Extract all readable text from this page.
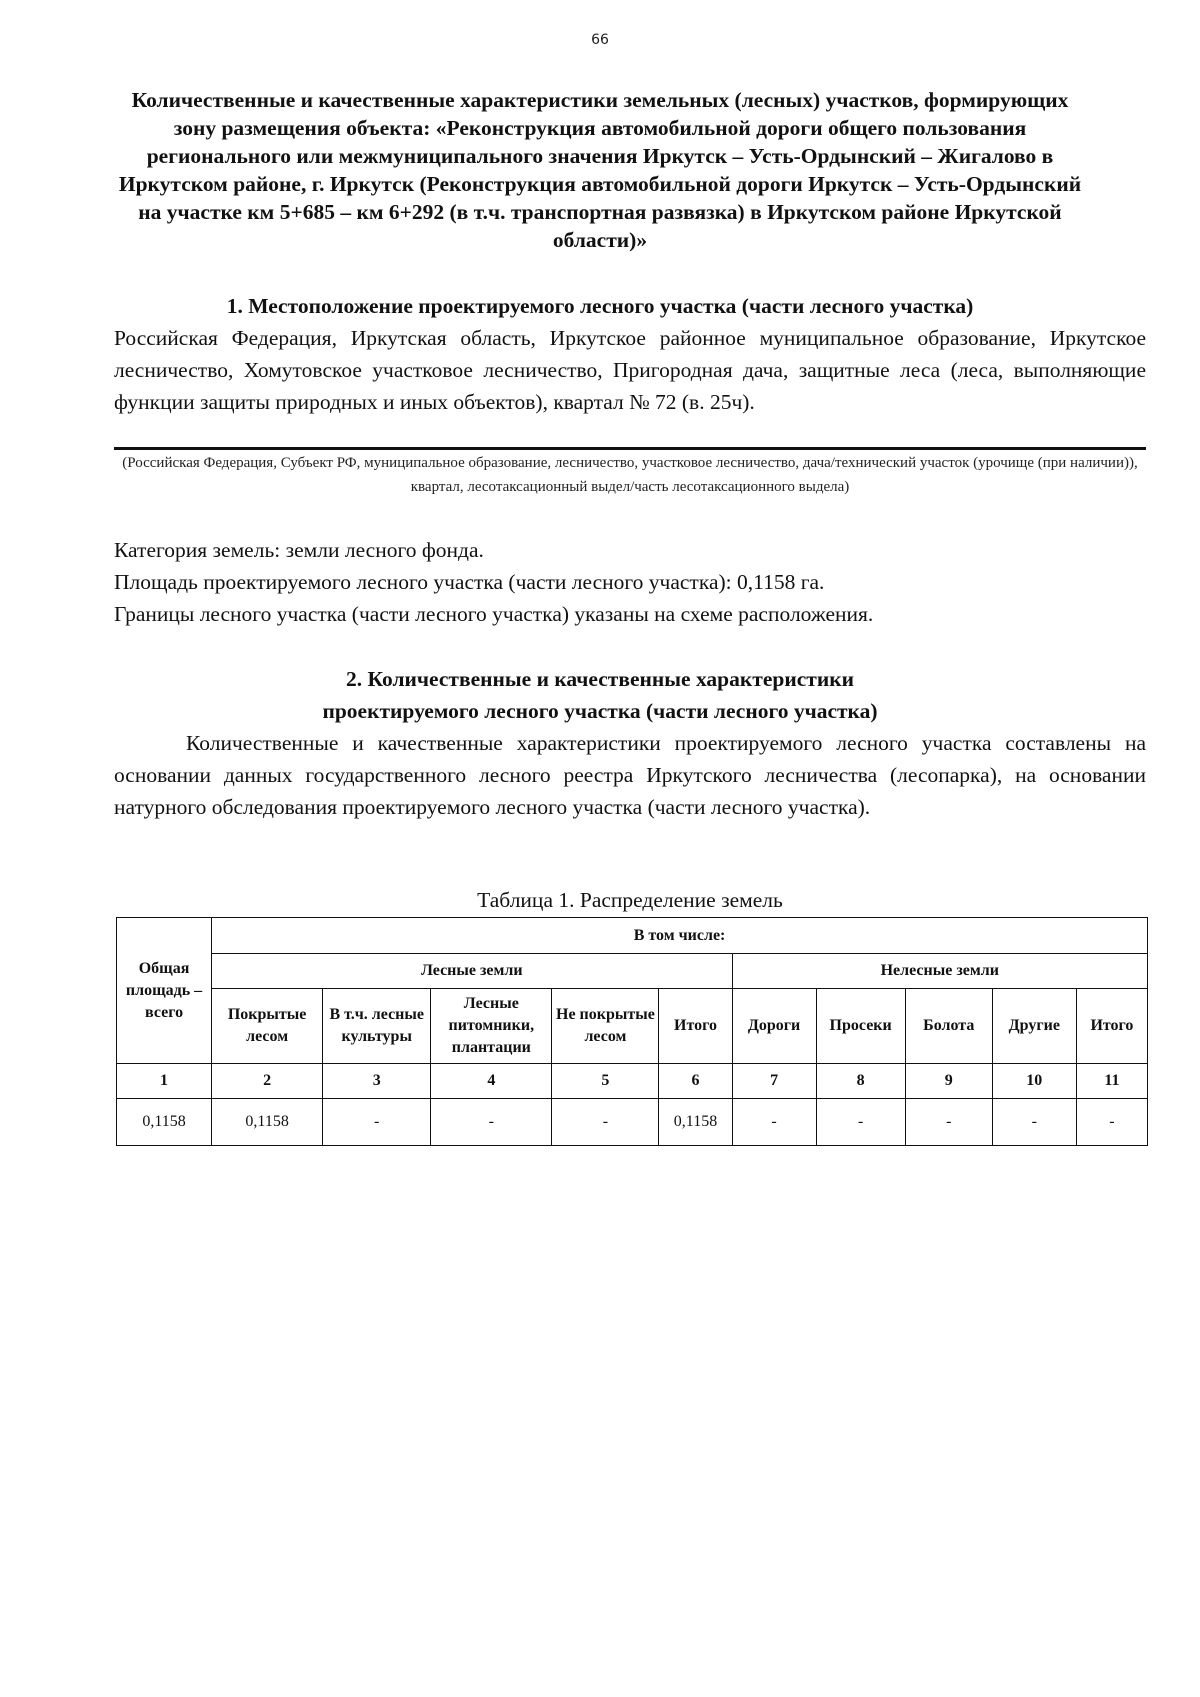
66
Количественные и качественные характеристики земельных (лесных) участков, формирующих зону размещения объекта: «Реконструкция автомобильной дороги общего пользования регионального или межмуниципального значения Иркутск – Усть-Ордынский – Жигалово в Иркутском районе, г. Иркутск (Реконструкция автомобильной дороги Иркутск – Усть-Ордынский на участке км 5+685 – км 6+292 (в т.ч. транспортная развязка) в Иркутском районе Иркутской области)»
1. Местоположение проектируемого лесного участка (части лесного участка)
Российская Федерация, Иркутская область, Иркутское районное муниципальное образование, Иркутское лесничество, Хомутовское участковое лесничество, Пригородная дача, защитные леса (леса, выполняющие функции защиты природных и иных объектов), квартал № 72 (в. 25ч).
(Российская Федерация, Субъект РФ, муниципальное образование, лесничество, участковое лесничество, дача/технический участок (урочище (при наличии)), квартал, лесотаксационный выдел/часть лесотаксационного выдела)
Категория земель: земли лесного фонда.
Площадь проектируемого лесного участка (части лесного участка): 0,1158 га.
Границы лесного участка (части лесного участка) указаны на схеме расположения.
2. Количественные и качественные характеристики
проектируемого лесного участка (части лесного участка)
Количественные и качественные характеристики проектируемого лесного участка составлены на основании данных государственного лесного реестра Иркутского лесничества (лесопарка), на основании натурного обследования проектируемого лесного участка (части лесного участка).
Таблица 1. Распределение земель
Общая площадь – всего	В том числе:									
	Лесные земли					Нелесные земли				
	Покрытые лесом	В т.ч. лесные культуры	Лесные питомники, плантации	Не покрытые лесом	Итого	Дороги	Просеки	Болота	Другие	Итого
1	2	3	4	5	6	7	8	9	10	11
0,1158	0,1158	-	-	-	0,1158	-	-	-	-	-
